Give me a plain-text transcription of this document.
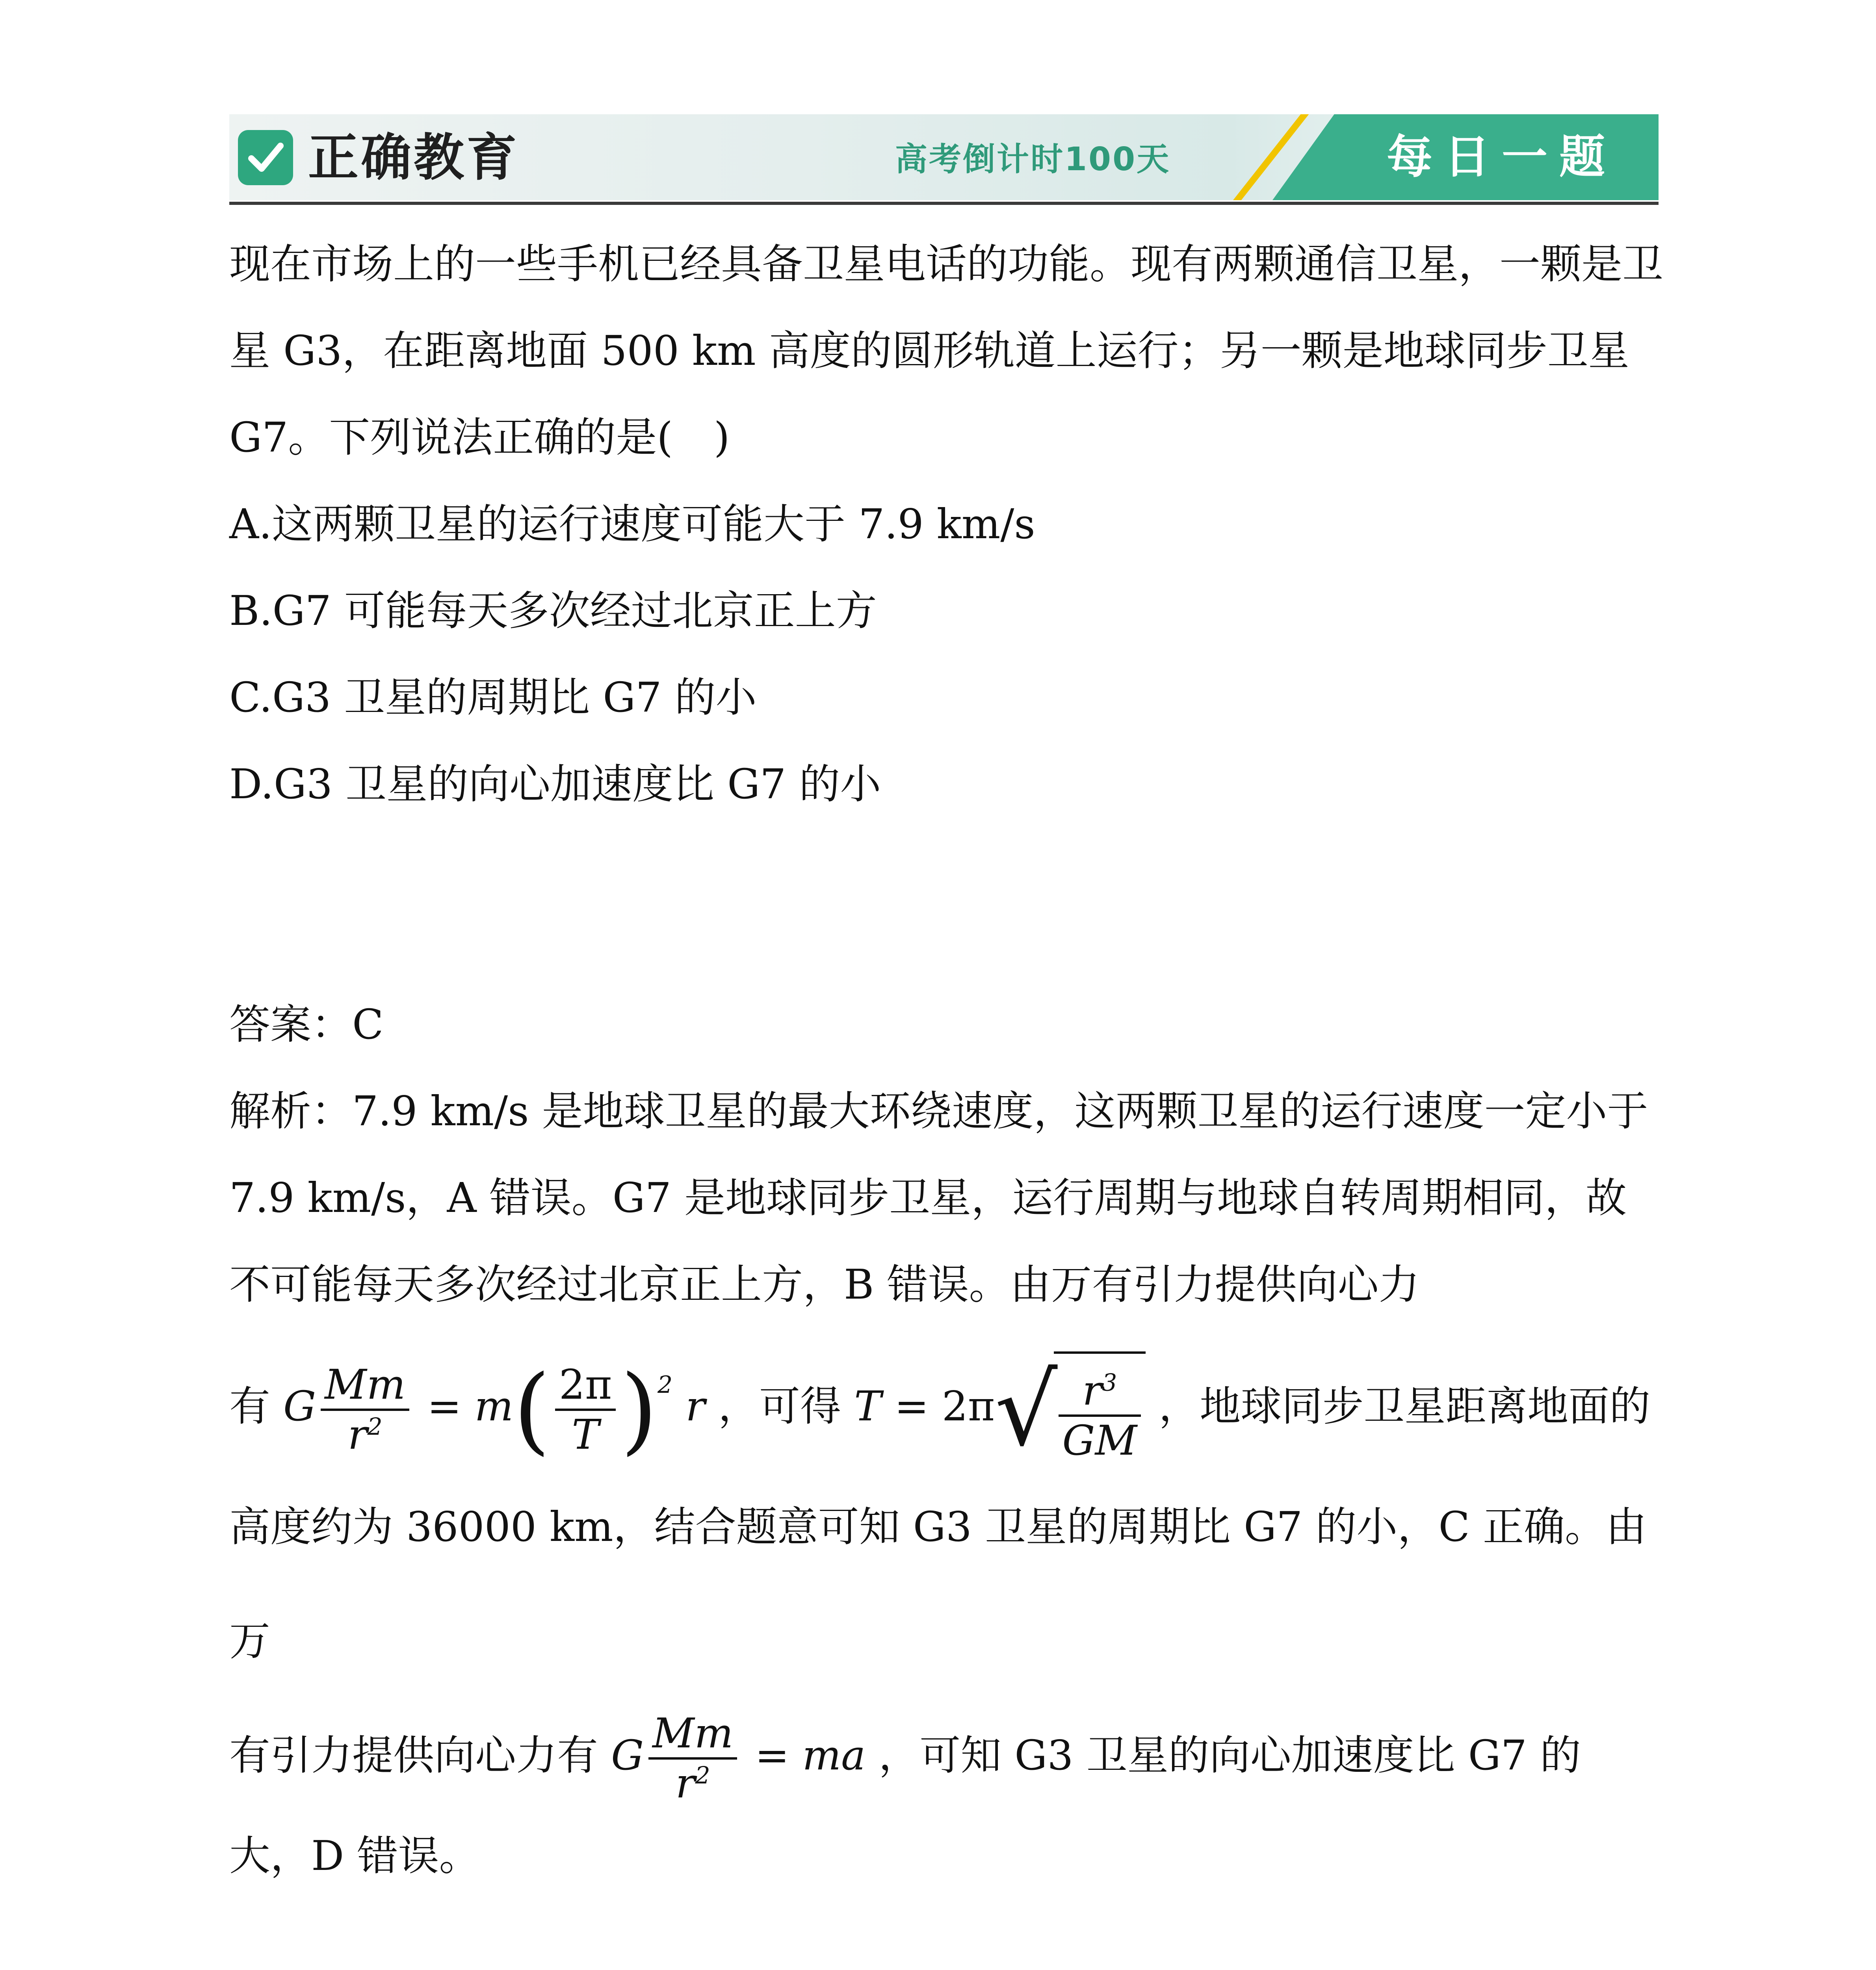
正确教育	高考倒计时100天	每日一题

现在市场上的一些手机已经具备卫星电话的功能。现有两颗通信卫星，一颗是卫星 G3，在距离地面 500 km 高度的圆形轨道上运行；另一颗是地球同步卫星 G7。下列说法正确的是(　)

A.这两颗卫星的运行速度可能大于 7.9 km/s

B.G7 可能每天多次经过北京正上方

C.G3 卫星的周期比 G7 的小

D.G3 卫星的向心加速度比 G7 的小

答案：C

解析：7.9 km/s 是地球卫星的最大环绕速度，这两颗卫星的运行速度一定小于 7.9 km/s，A 错误。G7 是地球同步卫星，运行周期与地球自转周期相同，故不可能每天多次经过北京正上方，B 错误。由万有引力提供向心力

有 G $\frac{Mm}{r^2} = m( \frac{2\pi}{T} )^2$ r ，可得 $T = 2\pi√ \frac{r^3}{GM}$ ，地球同步卫星距离地面的高度约为 36000 km，结合题意可知 G3 卫星的周期比 G7 的小，C 正确。由万

有引力提供向心力有 G $\frac{Mm}{r^2}$ = ma ，可知 G3 卫星的向心加速度比 G7 的

大，D 错误。
